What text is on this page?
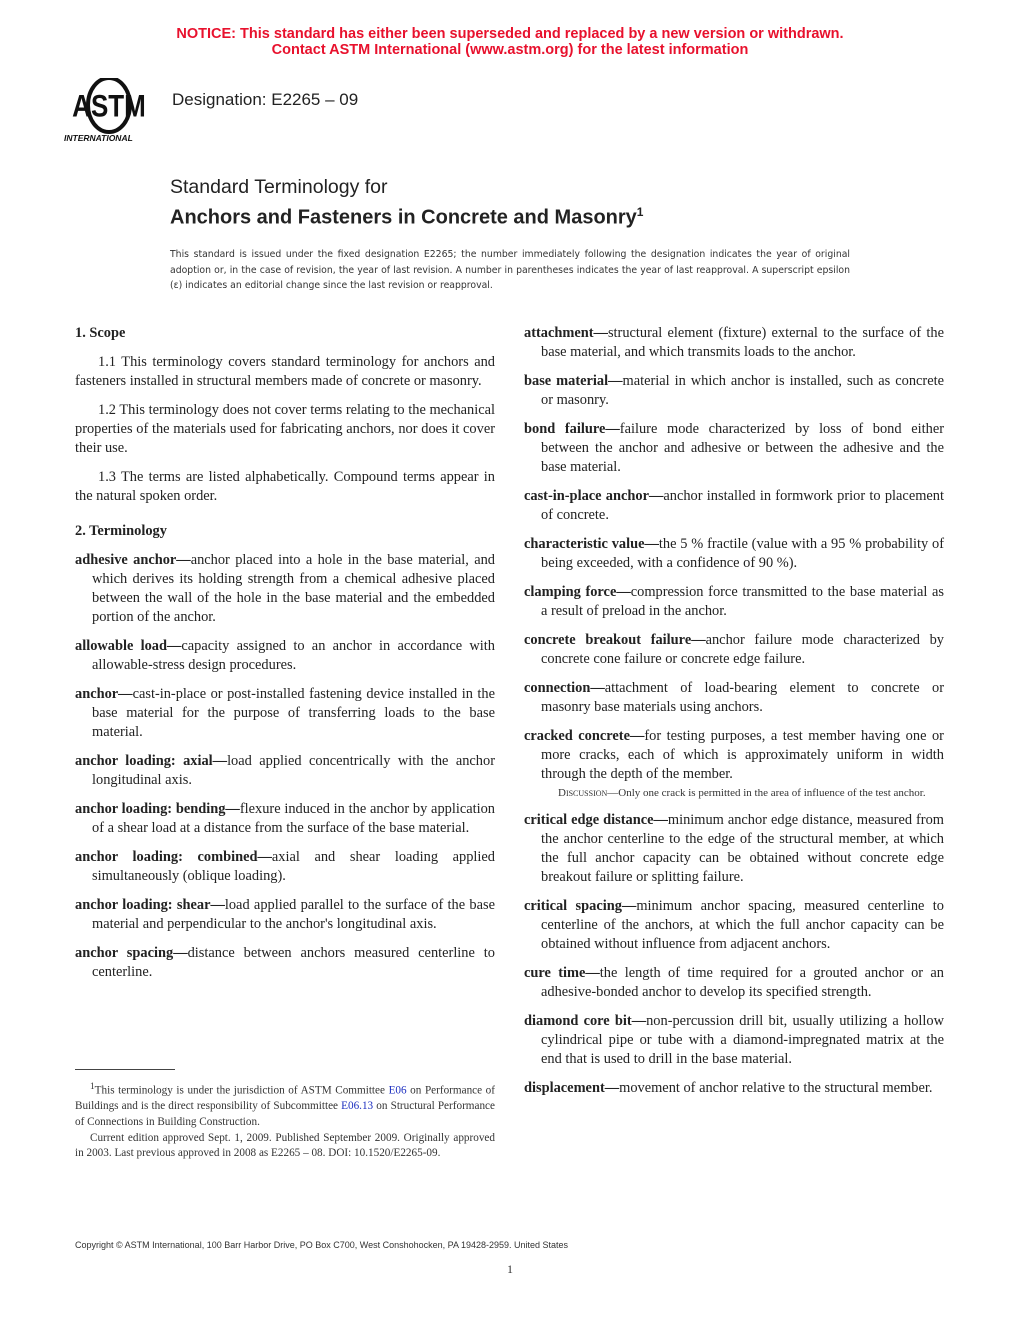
NOTICE: This standard has either been superseded and replaced by a new version or withdrawn.
Contact ASTM International (www.astm.org) for the latest information
ASTM
INTERNATIONAL
Designation: E2265 – 09
Standard Terminology for
Anchors and Fasteners in Concrete and Masonry$^1$
This standard is issued under the fixed designation E2265; the number immediately following the designation indicates the year of original adoption or, in the case of revision, the year of last revision. A number in parentheses indicates the year of last reapproval. A superscript epsilon (ε) indicates an editorial change since the last revision or reapproval.
1. Scope
1.1 This terminology covers standard terminology for anchors and fasteners installed in structural members made of concrete or masonry.
1.2 This terminology does not cover terms relating to the mechanical properties of the materials used for fabricating anchors, nor does it cover their use.
1.3 The terms are listed alphabetically. Compound terms appear in the natural spoken order.
2. Terminology
adhesive anchor—anchor placed into a hole in the base material, and which derives its holding strength from a chemical adhesive placed between the wall of the hole in the base material and the embedded portion of the anchor.
allowable load—capacity assigned to an anchor in accordance with allowable-stress design procedures.
anchor—cast-in-place or post-installed fastening device installed in the base material for the purpose of transferring loads to the base material.
anchor loading: axial—load applied concentrically with the anchor longitudinal axis.
anchor loading: bending—flexure induced in the anchor by application of a shear load at a distance from the surface of the base material.
anchor loading: combined—axial and shear loading applied simultaneously (oblique loading).
anchor loading: shear—load applied parallel to the surface of the base material and perpendicular to the anchor's longitudinal axis.
anchor spacing—distance between anchors measured centerline to centerline.
attachment—structural element (fixture) external to the surface of the base material, and which transmits loads to the anchor.
base material—material in which anchor is installed, such as concrete or masonry.
bond failure—failure mode characterized by loss of bond either between the anchor and adhesive or between the adhesive and the base material.
cast-in-place anchor—anchor installed in formwork prior to placement of concrete.
characteristic value—the 5 % fractile (value with a 95 % probability of being exceeded, with a confidence of 90 %).
clamping force—compression force transmitted to the base material as a result of preload in the anchor.
concrete breakout failure—anchor failure mode characterized by concrete cone failure or concrete edge failure.
connection—attachment of load-bearing element to concrete or masonry base materials using anchors.
cracked concrete—for testing purposes, a test member having one or more cracks, each of which is approximately uniform in width through the depth of the member.
Discussion—Only one crack is permitted in the area of influence of the test anchor.
critical edge distance—minimum anchor edge distance, measured from the anchor centerline to the edge of the structural member, at which the full anchor capacity can be obtained without concrete edge breakout failure or splitting failure.
critical spacing—minimum anchor spacing, measured centerline to centerline of the anchors, at which the full anchor capacity can be obtained without influence from adjacent anchors.
cure time—the length of time required for a grouted anchor or an adhesive-bonded anchor to develop its specified strength.
diamond core bit—non-percussion drill bit, usually utilizing a hollow cylindrical pipe or tube with a diamond-impregnated matrix at the end that is used to drill in the base material.
displacement—movement of anchor relative to the structural member.

$^1$This terminology is under the jurisdiction of ASTM Committee E06 on Performance of Buildings and is the direct responsibility of Subcommittee E06.13 on Structural Performance of Connections in Building Construction.

Current edition approved Sept. 1, 2009. Published September 2009. Originally approved in 2003. Last previous approved in 2008 as E2265 – 08. DOI: 10.1520/E2265-09.

Copyright © ASTM International, 100 Barr Harbor Drive, PO Box C700, West Conshohocken, PA 19428-2959. United States
1
